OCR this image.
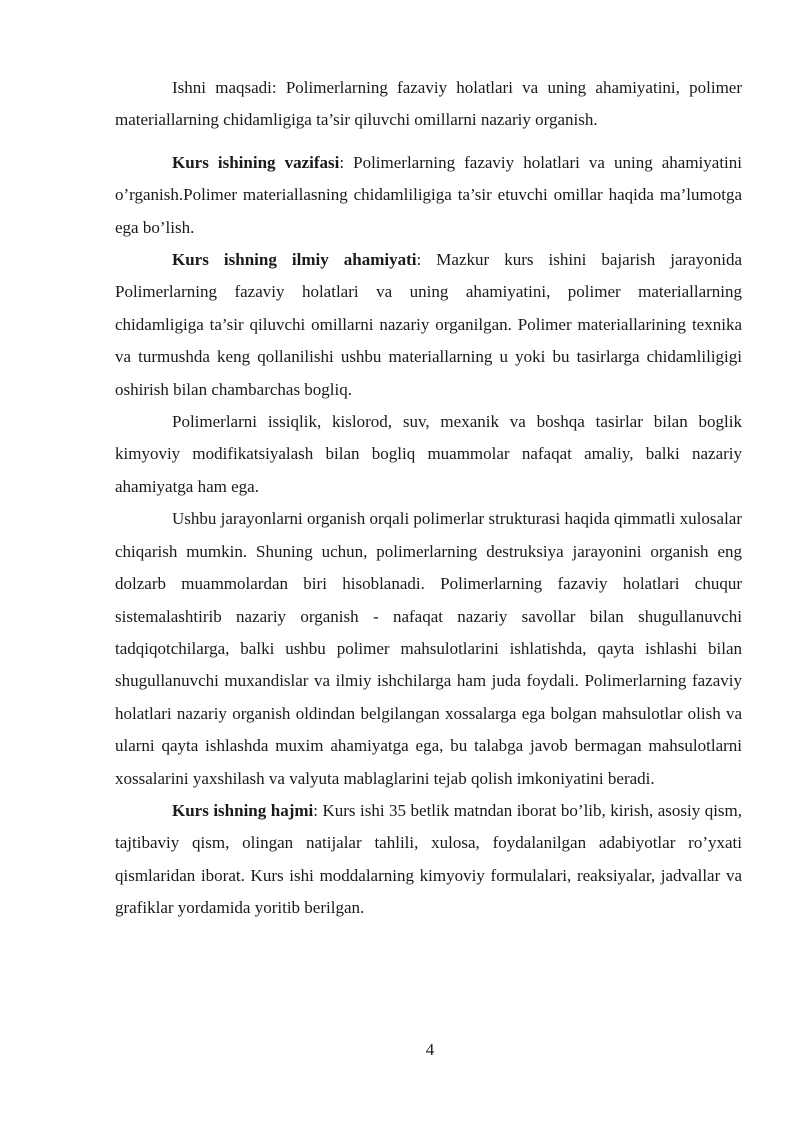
Ishni maqsadi: Polimerlarning fazaviy holatlari va uning ahamiyatini, polimer materiallarning chidamligiga ta’sir qiluvchi omillarni nazariy organish.

Kurs ishining vazifasi: Polimerlarning fazaviy holatlari va uning ahamiyatini o’rganish.Polimer materiallasning chidamliligiga ta’sir etuvchi omillar haqida ma’lumotga ega bo’lish.

Kurs ishning ilmiy ahamiyati: Mazkur kurs ishini bajarish jarayonida Polimerlarning fazaviy holatlari va uning ahamiyatini, polimer materiallarning chidamligiga ta’sir qiluvchi omillarni nazariy organilgan. Polimer materiallarining texnika va turmushda keng qollanilishi ushbu materiallarning u yoki bu tasirlarga chidamliligigi oshirish bilan chambarchas bogliq.

Polimerlarni issiqlik, kislorod, suv, mexanik va boshqa tasirlar bilan boglik kimyoviy modifikatsiyalash bilan bogliq muammolar nafaqat amaliy, balki nazariy ahamiyatga ham ega.

Ushbu jarayonlarni organish orqali polimerlar strukturasi haqida qimmatli xulosalar chiqarish mumkin. Shuning uchun, polimerlarning destruksiya jarayonini organish eng dolzarb muammolardan biri hisoblanadi. Polimerlarning fazaviy holatlari chuqur sistemalashtirib nazariy organish - nafaqat nazariy savollar bilan shugullanuvchi tadqiqotchilarga, balki ushbu polimer mahsulotlarini ishlatishda, qayta ishlashi bilan shugullanuvchi muxandislar va ilmiy ishchilarga ham juda foydali. Polimerlarning fazaviy holatlari nazariy organish oldindan belgilangan xossalarga ega bolgan mahsulotlar olish va ularni qayta ishlashda muxim ahamiyatga ega, bu talabga javob bermagan mahsulotlarni xossalarini yaxshilash va valyuta mablaglarini tejab qolish imkoniyatini beradi.

Kurs ishning hajmi: Kurs ishi 35 betlik matndan iborat bo’lib, kirish, asosiy qism, tajtibaviy qism, olingan natijalar tahlili, xulosa, foydalanilgan adabiyotlar ro’yxati qismlaridan iborat. Kurs ishi moddalarning kimyoviy formulalari, reaksiyalar, jadvallar va grafiklar yordamida yoritib berilgan.

4
